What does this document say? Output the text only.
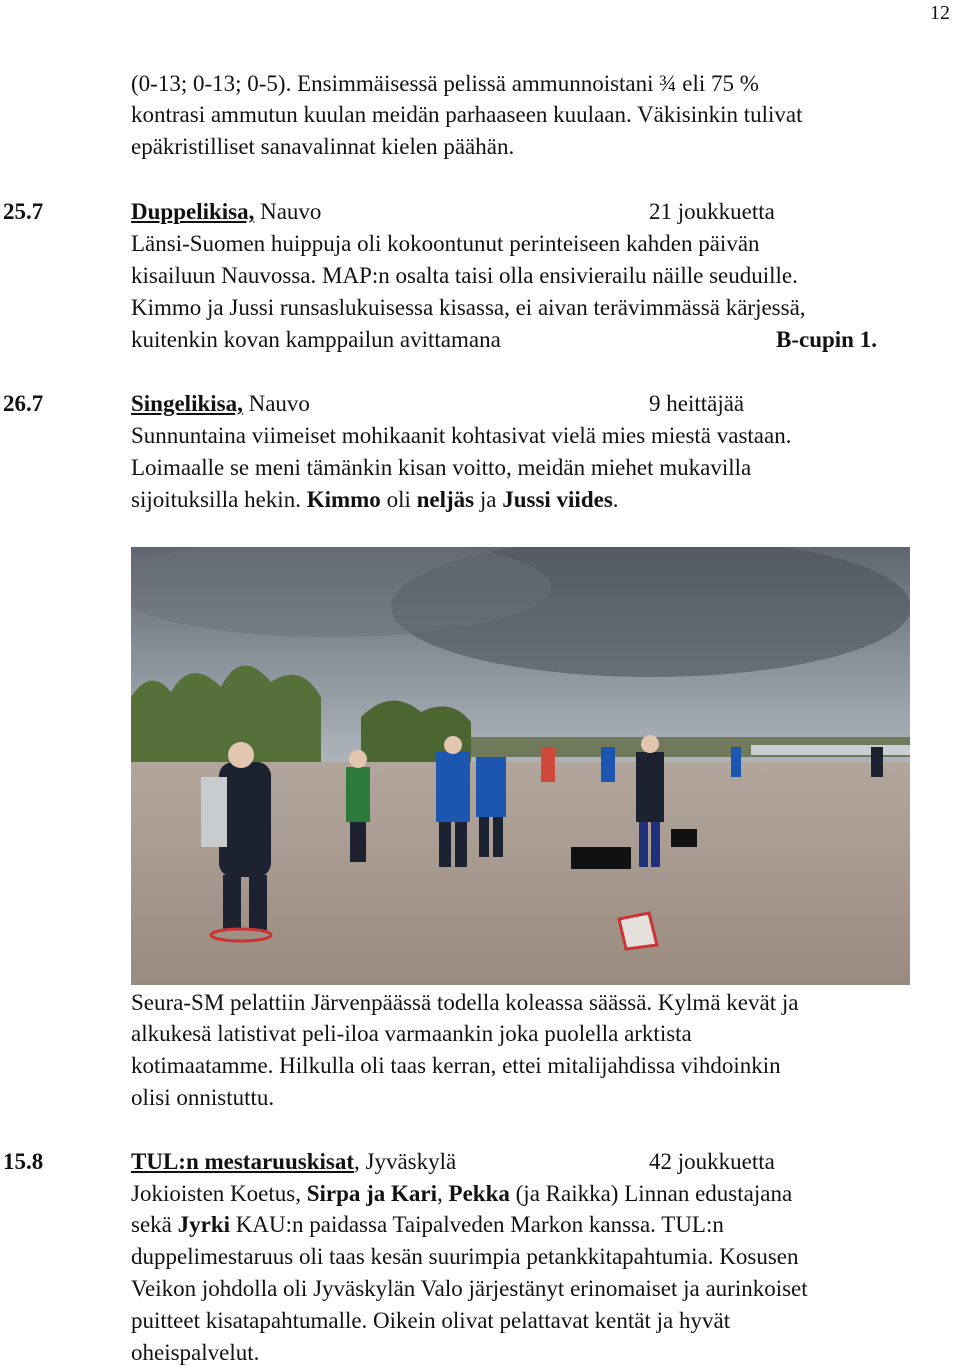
12
(0-13; 0-13; 0-5). Ensimmäisessä pelissä ammunnoistani ¾ eli 75 %
kontrasi ammutun kuulan meidän parhaaseen kuulaan. Väkisinkin tulivat
epäkristilliset sanavalinnat kielen päähän.
25.7	Duppelikisa, Nauvo	21 joukkuetta
Länsi-Suomen huippuja oli kokoontunut perinteiseen kahden päivän
kisailuun Nauvossa. MAP:n osalta taisi olla ensivierailu näille seuduille.
Kimmo ja Jussi runsaslukuisessa kisassa, ei aivan terävimmässä kärjessä,
kuitenkin kovan kamppailun avittamana	B-cupin 1.
26.7	Singelikisa, Nauvo	9 heittäjää
Sunnuntaina viimeiset mohikaanit kohtasivat vielä mies miestä vastaan.
Loimaalle se meni tämänkin kisan voitto, meidän miehet mukavilla
sijoituksilla hekin. Kimmo oli neljäs ja Jussi viides.
Seura-SM pelattiin Järvenpäässä todella koleassa säässä. Kylmä kevät ja
alkukesä latistivat peli-iloa varmaankin joka puolella arktista
kotimaatamme. Hilkulla oli taas kerran, ettei mitalijahdissa vihdoinkin
olisi onnistuttu.
15.8	TUL:n mestaruuskisat, Jyväskylä	42 joukkuetta
Jokioisten Koetus, Sirpa ja Kari, Pekka (ja Raikka) Linnan edustajana
sekä Jyrki KAU:n paidassa Taipalveden Markon kanssa. TUL:n
duppelimestaruus oli taas kesän suurimpia petankkitapahtumia. Kosusen
Veikon johdolla oli Jyväskylän Valo järjestänyt erinomaiset ja aurinkoiset
puitteet kisatapahtumalle. Oikein olivat pelattavat kentät ja hyvät
oheispalvelut.
